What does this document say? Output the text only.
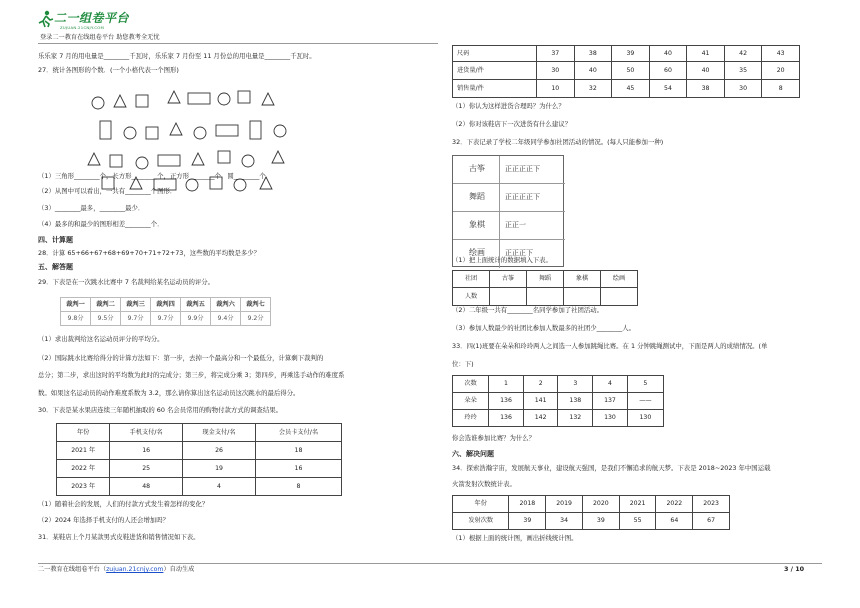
二一组卷平台
ZUJUAN.21CNJY.COM
登录二一教育在线组卷平台 助您教考全无忧
乐乐家 7 月的用电量是________千瓦时，乐乐家 7 月份至 11 月份总的用电量是________千瓦时。
27．统计各图形的个数．(一个小格代表一个图形)
（1）三角形________个，长方形________个，正方形________个，圆________个．
（2）从图中可以看出，一共有________个图形．
（3）________最多，________最少．
（4）最多的和最少的图形相差________个．
四、计算题
28．计算 65+66+67+68+69+70+71+72+73，这些数的平均数是多少？
五、解答题
29．下表是在一次跳水比赛中 7 名裁判给某名运动员的评分。
裁判一	裁判二	裁判三	裁判四	裁判五	裁判六	裁判七
9.8分	9.5分	9.7分	9.7分	9.9分	9.4分	9.2分
（1）求出裁判给这名运动员评分的平均分。
（2）国际跳水比赛给得分的计算方法如下：第一步，去掉一个最高分和一个最低分，计算剩下裁判的
总分；第二步，求出这时的平均数为此时的完成分；第三步，将完成分乘 3；第四步，再乘选手动作的难度系
数。如果这名运动员的动作难度系数为 3.2，那么请你算出这名运动员这次跳水的最后得分。
30．下表是某水果店连续三年随机抽取的 60 名会员常用的购物付款方式的调查结果。
（1）随着社会的发展，人们的付款方式发生着怎样的变化？
（2）2024 年选择手机支付的人还会增加吗？
31．某鞋店上个月某款男式皮鞋进货和销售情况如下表。
年份	手机支付/名	现金支付/名	会员卡支付/名
2021 年	16	26	18
2022 年	25	19	16
2023 年	48	4	8
尺码	37	38	39	40	41	42	43
进货量/件	30	40	50	60	40	35	20
销售量/件	10	32	45	54	38	30	8
（1）你认为这样进货合理吗？为什么？
（2）你对该鞋店下一次进货有什么建议？
32．下表记录了学校二年级同学参加社团活动的情况。(每人只能参加一种)
古筝	正正正正下
舞蹈	正正正正下
象棋	正正一
绘画	正正正下
（1）把上面统计的数据填入下表。
（2）二年级一共有________名同学参加了社团活动。
（3）参加人数最少的社团比参加人数最多的社团少________人。
33．四(1)班要在朵朵和玲玲两人之间选一人参加跳绳比赛。在 1 分钟跳绳测试中，下面是两人的成绩情况。(单
位：下)
你会选谁参加比赛？为什么？
六、解决问题
34．探索浩瀚宇宙，发展航天事业，建设航天强国，是我们不懈追求的航天梦。下表是 2018~2023 年中国运载
火箭发射次数统计表。
（1）根据上面的统计图，画出折线统计图。
社团	古筝	舞蹈	象棋	绘画
人数				
次数	1	2	3	4	5
朵朵	136	141	138	137	——
玲玲	136	142	132	130	130
年份	2018	2019	2020	2021	2022	2023
发射次数	39	34	39	55	64	67
二一教育在线组卷平台（zujuan.21cnjy.com）自动生成	3 / 10
